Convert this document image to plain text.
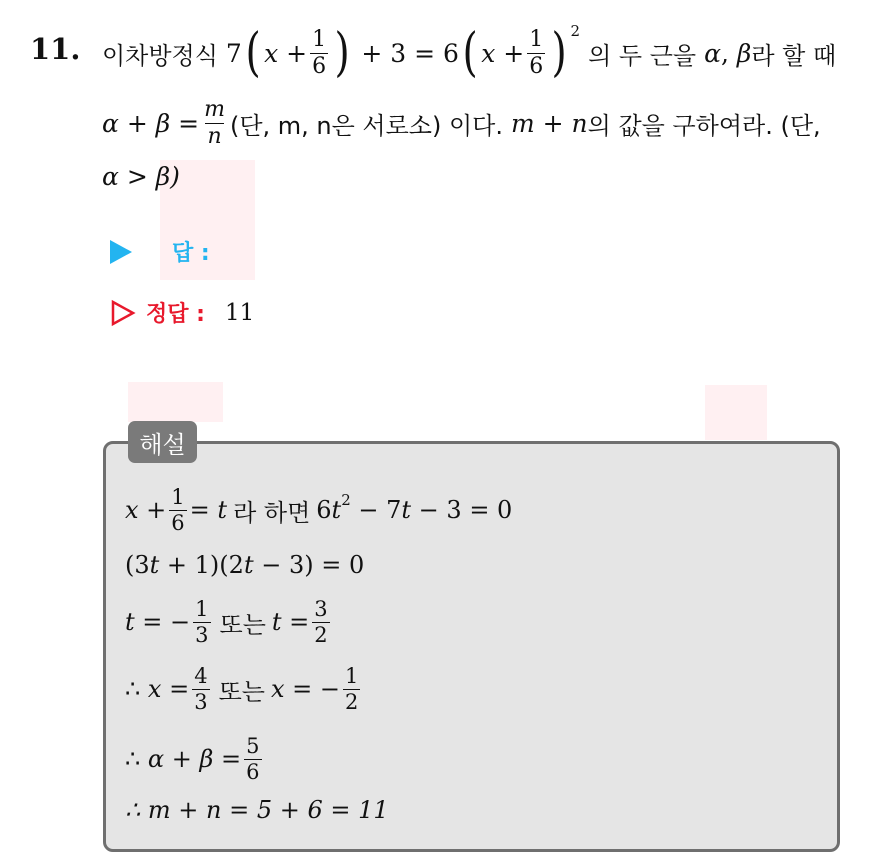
11. 이차방정식 7 ( $x + \frac{1}{6}$ ) + 3 = 6 ( $x + \frac{1}{6} )^2$
의 두 근을 α, β 라 할 때
$\alpha + \beta = \frac{m}{n}$ (단, m, n은 서로소) 이다. m + n 의 값을 구하여라. (단,
α > β)
답 :
정답 : 11
해설
$x + \frac{1}{6} = t$ 라 하면 6 $t^2 - 7$ t − 3 = 0
(3 t + 1)(2 t − 3) = 0
t = − $\frac{1}{3}$ 또는 $t = \frac{3}{2}$
∴ $x = \frac{4}{3}$ 또는 x = − $\frac{1}{2}$
∴ $\alpha + \beta = \frac{5}{6}$
∴ m + n = 5 + 6 = 11
